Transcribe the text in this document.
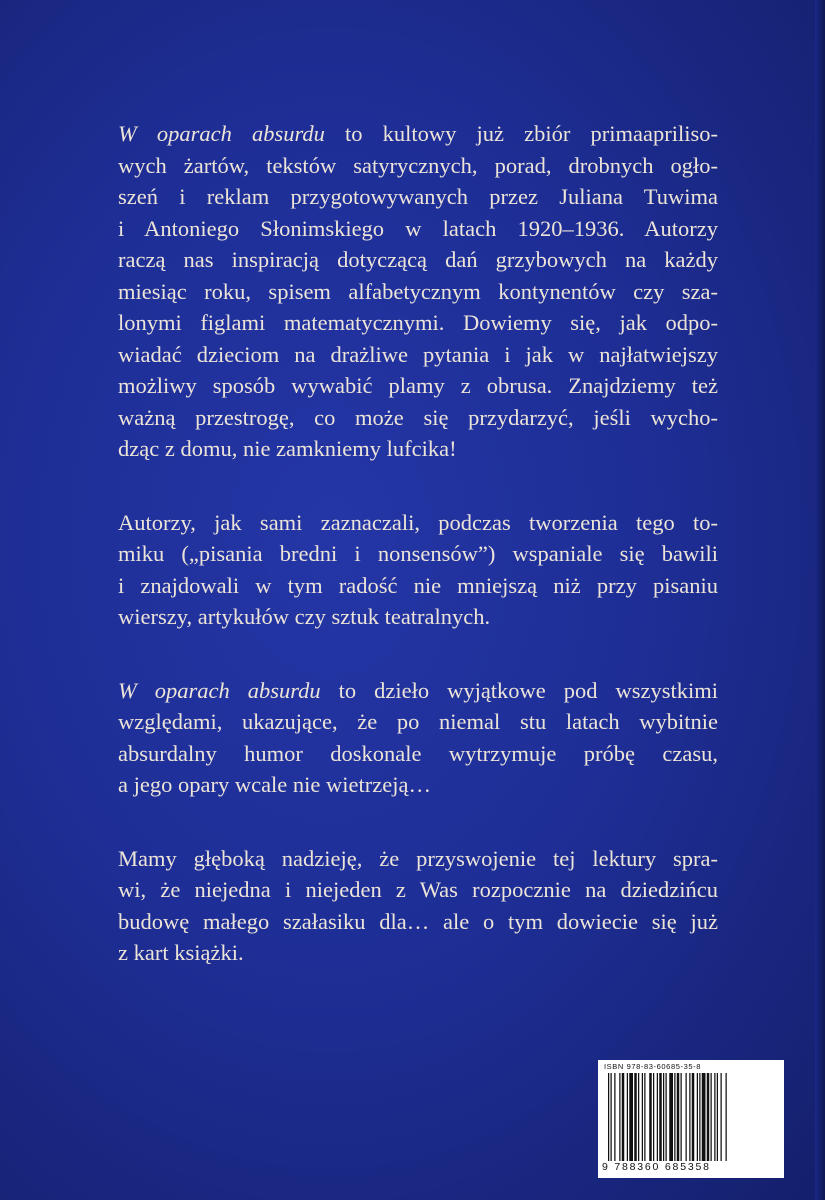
W oparach absurdu to kultowy już zbiór primaapriliso-
wych żartów, tekstów satyrycznych, porad, drobnych ogło-
szeń i reklam przygotowywanych przez Juliana Tuwima
i Antoniego Słonimskiego w latach 1920–1936. Autorzy
raczą nas inspiracją dotyczącą dań grzybowych na każdy
miesiąc roku, spisem alfabetycznym kontynentów czy sza-
lonymi figlami matematycznymi. Dowiemy się, jak odpo-
wiadać dzieciom na drażliwe pytania i jak w najłatwiejszy
możliwy sposób wywabić plamy z obrusa. Znajdziemy też
ważną przestrogę, co może się przydarzyć, jeśli wycho-
dząc z domu, nie zamkniemy lufcika!

Autorzy, jak sami zaznaczali, podczas tworzenia tego to-
miku („pisania bredni i nonsensów”) wspaniale się bawili
i znajdowali w tym radość nie mniejszą niż przy pisaniu
wierszy, artykułów czy sztuk teatralnych.

W oparach absurdu to dzieło wyjątkowe pod wszystkimi
względami, ukazujące, że po niemal stu latach wybitnie
absurdalny humor doskonale wytrzymuje próbę czasu,
a jego opary wcale nie wietrzeją…

Mamy głęboką nadzieję, że przyswojenie tej lektury spra-
wi, że niejedna i niejeden z Was rozpocznie na dziedzińcu
budowę małego szałasiku dla… ale o tym dowiecie się już
z kart książki.

ISBN 978-83-60685-35-8
9 788360 685358
